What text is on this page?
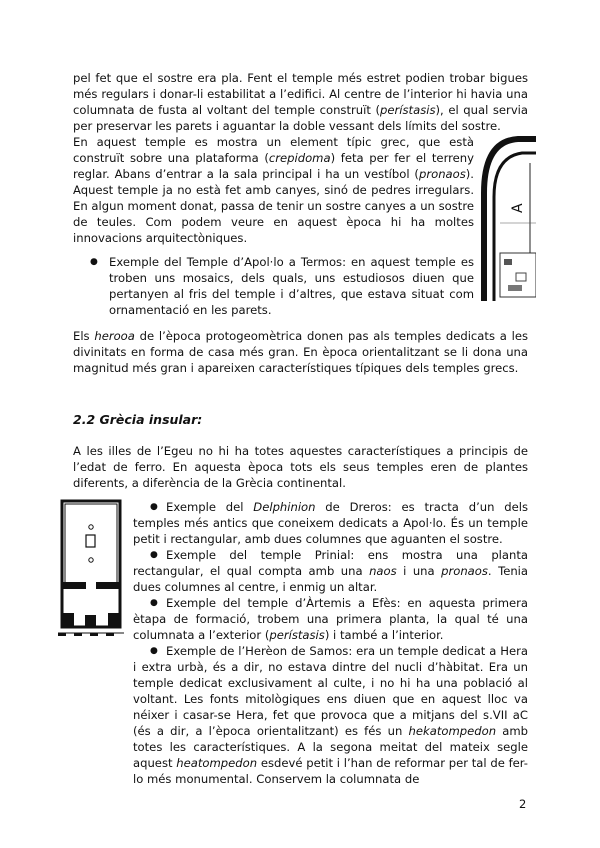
pel fet que el sostre era pla. Fent el temple més estret podien trobar bigues més regulars i donar-li estabilitat a l’edifici. Al centre de l’interior hi havia una columnata de fusta al voltant del temple construït (perístasis), el qual servia per preservar les parets i aguantar la doble vessant dels límits del sostre.

En aquest temple es mostra un element típic grec, que està construït sobre una plataforma (crepidoma) feta per fer el terreny reglar. Abans d’entrar a la sala principal i ha un vestíbol (pronaos). Aquest temple ja no està fet amb canyes, sinó de pedres irregulars. En algun moment donat, passa de tenir un sostre canyes a un sostre de teules. Com podem veure en aquest època hi ha moltes innovacions arquitectòniques.

● Exemple del Temple d’Apol·lo a Termos: en aquest temple es troben uns mosaics, dels quals, uns estudiosos diuen que pertanyen al fris del temple i d’altres, que estava situat com ornamentació en les parets.

A

Els herooa de l’època protogeomètrica donen pas als temples dedicats a les divinitats en forma de casa més gran. En època orientalitzant se li dona una magnitud més gran i apareixen característiques típiques dels temples grecs.

2.2 Grècia insular:

A les illes de l’Egeu no hi ha totes aquestes característiques a principis de l’edat de ferro. En aquesta època tots els seus temples eren de plantes diferents, a diferència de la Grècia continental.

● Exemple del Delphinion de Dreros: es tracta d’un dels temples més antics que coneixem dedicats a Apol·lo. És un temple petit i rectangular, amb dues columnes que aguanten el sostre.

● Exemple del temple Prinial: ens mostra una planta rectangular, el qual compta amb una naos i una pronaos. Tenia dues columnes al centre, i enmig un altar.

● Exemple del temple d’Àrtemis a Efès: en aquesta primera ètapa de formació, trobem una primera planta, la qual té una columnata a l’exterior (perístasis) i també a l’interior.

● Exemple de l’Herèon de Samos: era un temple dedicat a Hera i extra urbà, és a dir, no estava dintre del nucli d’hàbitat. Era un temple dedicat exclusivament al culte, i no hi ha una població al voltant. Les fonts mitològiques ens diuen que en aquest lloc va néixer i casar-se Hera, fet que provoca que a mitjans del s.VII aC (és a dir, a l’època orientalitzant) es fés un hekatompedon amb totes les característiques. A la segona meitat del mateix segle aquest heatompedon esdevé petit i l’han de reformar per tal de fer-lo més monumental. Conservem la columnata de

2
